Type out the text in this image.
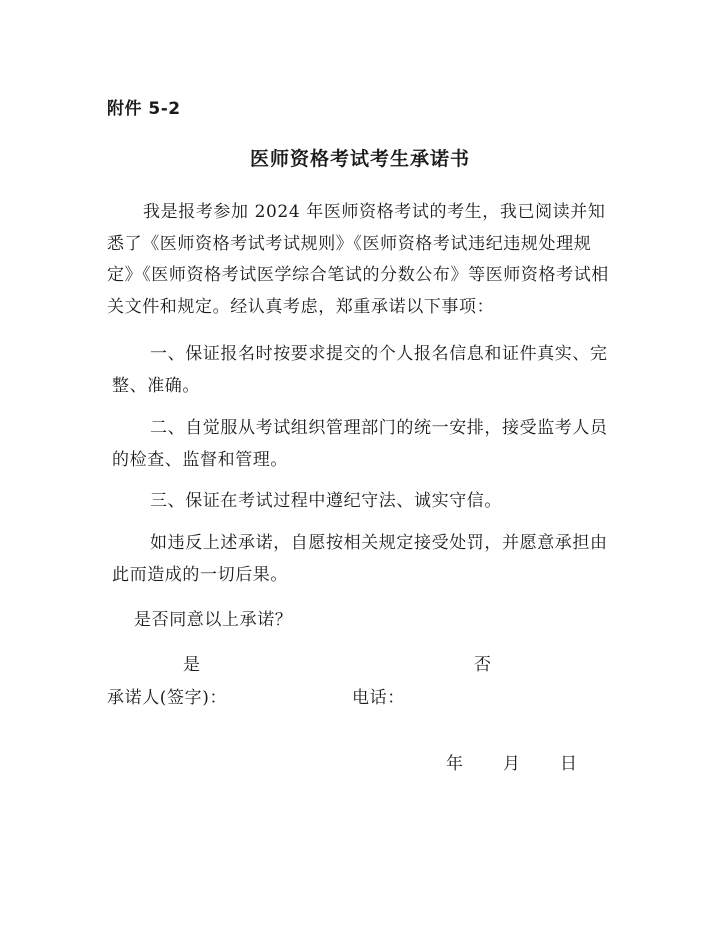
附件 5-2
医师资格考试考生承诺书

我是报考参加 2024 年医师资格考试的考生，我已阅读并知悉了《医师资格考试考试规则》《医师资格考试违纪违规处理规定》《医师资格考试医学综合笔试的分数公布》等医师资格考试相关文件和规定。经认真考虑，郑重承诺以下事项：

一、保证报名时按要求提交的个人报名信息和证件真实、完整、准确。

二、自觉服从考试组织管理部门的统一安排，接受监考人员的检查、监督和管理。

三、保证在考试过程中遵纪守法、诚实守信。

如违反上述承诺，自愿按相关规定接受处罚，并愿意承担由此而造成的一切后果。

是否同意以上承诺？
是	否
承诺人(签字)：	电话：
年 月 日
